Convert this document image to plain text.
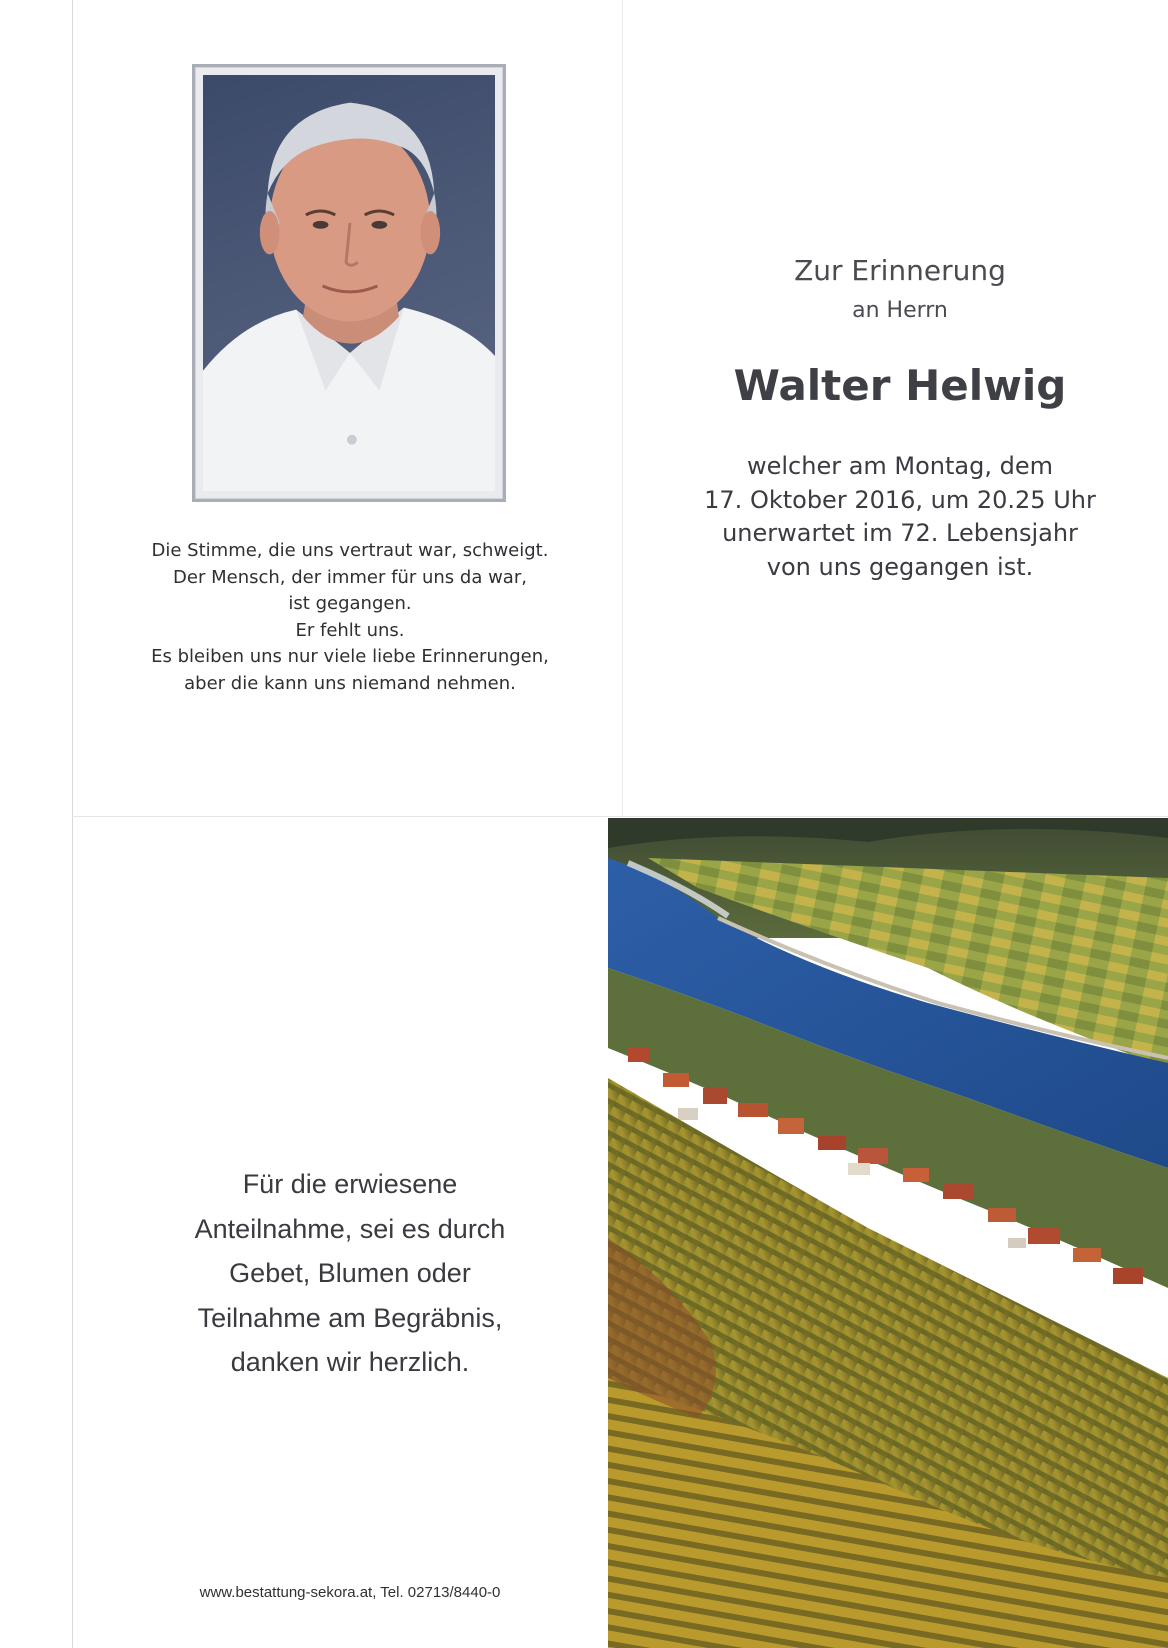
Die Stimme, die uns vertraut war, schweigt.
Der Mensch, der immer für uns da war,
ist gegangen.
Er fehlt uns.
Es bleiben uns nur viele liebe Erinnerungen,
aber die kann uns niemand nehmen.
Zur Erinnerung
an Herrn
Walter Helwig
welcher am Montag, dem
17. Oktober 2016, um 20.25 Uhr
unerwartet im 72. Lebensjahr
von uns gegangen ist.
Für die erwiesene
Anteilnahme, sei es durch
Gebet, Blumen oder
Teilnahme am Begräbnis,
danken wir herzlich.
www.bestattung-sekora.at, Tel. 02713/8440-0
